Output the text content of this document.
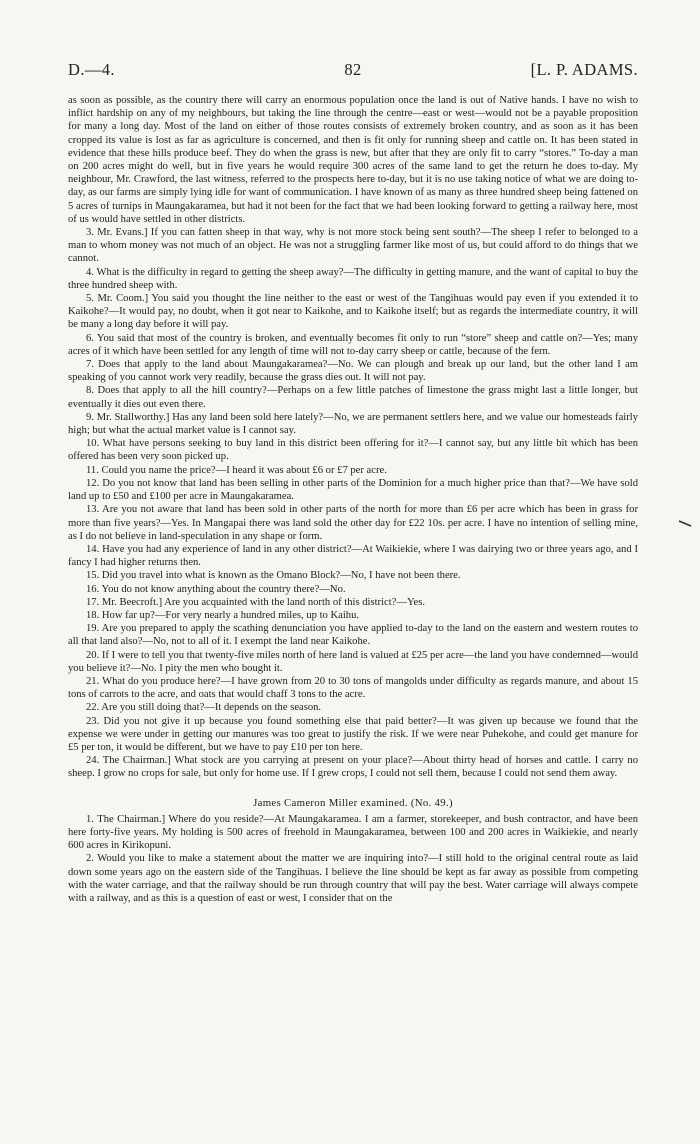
D.—4.	82	[L. P. ADAMS.

as soon as possible, as the country there will carry an enormous population once the land is out of Native hands. I have no wish to inflict hardship on any of my neighbours, but taking the line through the centre—east or west—would not be a payable proposition for many a long day. Most of the land on either of those routes consists of extremely broken country, and as soon as it has been cropped its value is lost as far as agriculture is concerned, and then is fit only for running sheep and cattle on. It has been stated in evidence that these hills produce beef. They do when the grass is new, but after that they are only fit to carry “stores.” To-day a man on 200 acres might do well, but in five years he would require 300 acres of the same land to get the return he does to-day. My neighbour, Mr. Crawford, the last witness, referred to the prospects here to-day, but it is no use taking notice of what we are doing to-day, as our farms are simply lying idle for want of communication. I have known of as many as three hundred sheep being fattened on 5 acres of turnips in Maungakaramea, but had it not been for the fact that we had been looking forward to getting a railway here, most of us would have settled in other districts.

3. Mr. Evans.] If you can fatten sheep in that way, why is not more stock being sent south?—The sheep I refer to belonged to a man to whom money was not much of an object. He was not a struggling farmer like most of us, but could afford to do things that we cannot.

4. What is the difficulty in regard to getting the sheep away?—The difficulty in getting manure, and the want of capital to buy the three hundred sheep with.

5. Mr. Coom.] You said you thought the line neither to the east or west of the Tangihuas would pay even if you extended it to Kaikohe?—It would pay, no doubt, when it got near to Kaikohe, and to Kaikohe itself; but as regards the intermediate country, it will be many a long day before it will pay.

6. You said that most of the country is broken, and eventually becomes fit only to run “store” sheep and cattle on?—Yes; many acres of it which have been settled for any length of time will not to-day carry sheep or cattle, because of the fern.

7. Does that apply to the land about Maungakaramea?—No. We can plough and break up our land, but the other land I am speaking of you cannot work very readily, because the grass dies out. It will not pay.

8. Does that apply to all the hill country?—Perhaps on a few little patches of limestone the grass might last a little longer, but eventually it dies out even there.

9. Mr. Stallworthy.] Has any land been sold here lately?—No, we are permanent settlers here, and we value our homesteads fairly high; but what the actual market value is I cannot say.

10. What have persons seeking to buy land in this district been offering for it?—I cannot say, but any little bit which has been offered has been very soon picked up.

11. Could you name the price?—I heard it was about £6 or £7 per acre.

12. Do you not know that land has been selling in other parts of the Dominion for a much higher price than that?—We have sold land up to £50 and £100 per acre in Maungakaramea.

13. Are you not aware that land has been sold in other parts of the north for more than £6 per acre which has been in grass for more than five years?—Yes. In Mangapai there was land sold the other day for £22 10s. per acre. I have no intention of selling mine, as I do not believe in land-speculation in any shape or form.

14. Have you had any experience of land in any other district?—At Waikiekie, where I was dairying two or three years ago, and I fancy I had higher returns then.

15. Did you travel into what is known as the Omano Block?—No, I have not been there.

16. You do not know anything about the country there?—No.

17. Mr. Beecroft.] Are you acquainted with the land north of this district?—Yes.

18. How far up?—For very nearly a hundred miles, up to Kaihu.

19. Are you prepared to apply the scathing denunciation you have applied to-day to the land on the eastern and western routes to all that land also?—No, not to all of it. I exempt the land near Kaikohe.

20. If I were to tell you that twenty-five miles north of here land is valued at £25 per acre—the land you have condemned—would you believe it?—No. I pity the men who bought it.

21. What do you produce here?—I have grown from 20 to 30 tons of mangolds under difficulty as regards manure, and about 15 tons of carrots to the acre, and oats that would chaff 3 tons to the acre.

22. Are you still doing that?—It depends on the season.

23. Did you not give it up because you found something else that paid better?—It was given up because we found that the expense we were under in getting our manures was too great to justify the risk. If we were near Puhekohe, and could get manure for £5 per ton, it would be different, but we have to pay £10 per ton here.

24. The Chairman.] What stock are you carrying at present on your place?—About thirty head of horses and cattle. I carry no sheep. I grow no crops for sale, but only for home use. If I grew crops, I could not sell them, because I could not send them away.

James Cameron Miller examined. (No. 49.)

1. The Chairman.] Where do you reside?—At Maungakaramea. I am a farmer, storekeeper, and bush contractor, and have been here forty-five years. My holding is 500 acres of freehold in Maungakaramea, between 100 and 200 acres in Waikiekie, and nearly 600 acres in Kirikopuni.

2. Would you like to make a statement about the matter we are inquiring into?—I still hold to the original central route as laid down some years ago on the eastern side of the Tangihuas. I believe the line should be kept as far away as possible from competing with the water carriage, and that the railway should be run through country that will pay the best. Water carriage will always compete with a railway, and as this is a question of east or west, I consider that on the
